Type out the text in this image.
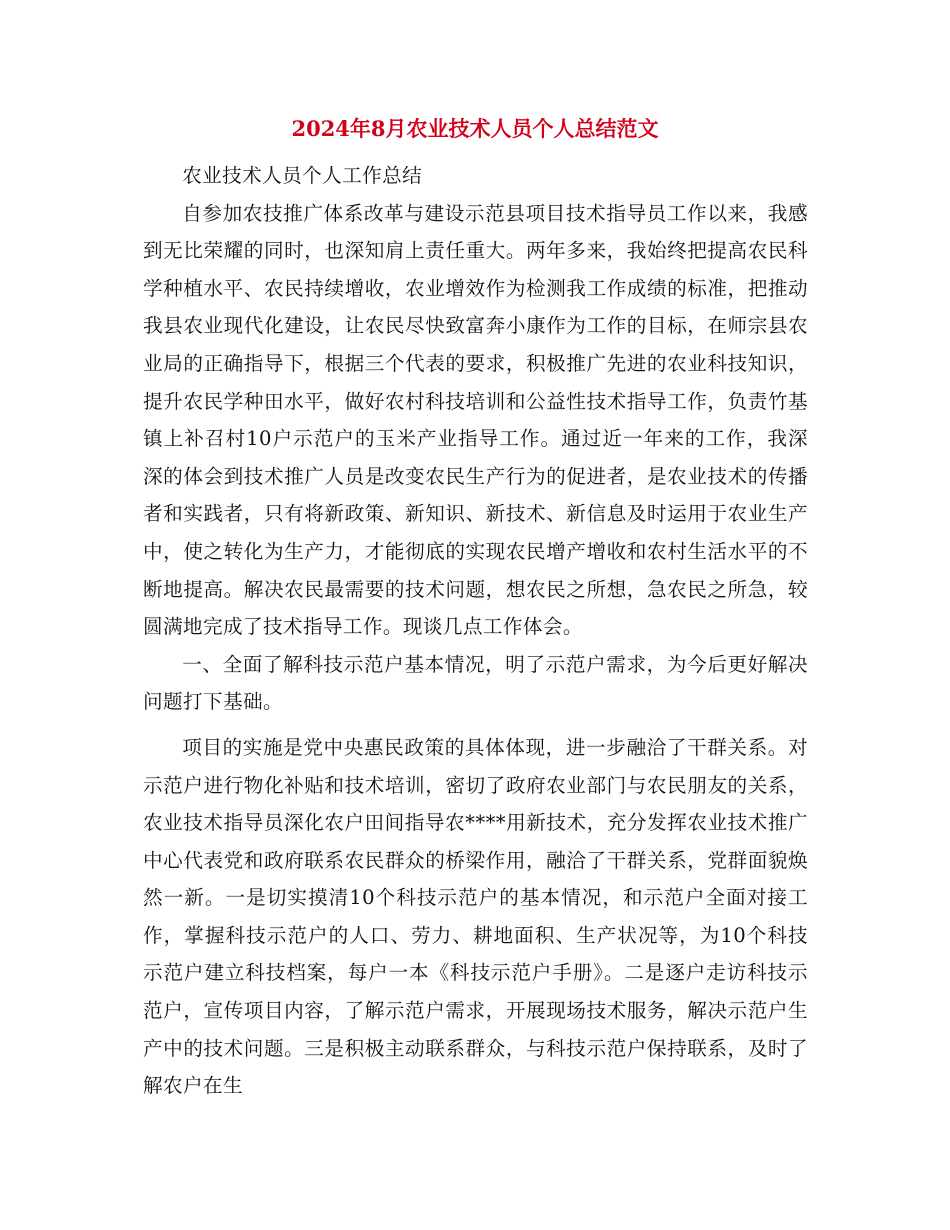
2024年8月农业技术人员个人总结范文

农业技术人员个人工作总结

自参加农技推广体系改革与建设示范县项目技术指导员工作以来，我感到无比荣耀的同时，也深知肩上责任重大。两年多来，我始终把提高农民科学种植水平、农民持续增收，农业增效作为检测我工作成绩的标准，把推动我县农业现代化建设，让农民尽快致富奔小康作为工作的目标，在师宗县农业局的正确指导下，根据三个代表的要求，积极推广先进的农业科技知识，提升农民学种田水平，做好农村科技培训和公益性技术指导工作，负责竹基镇上补召村10户示范户的玉米产业指导工作。通过近一年来的工作，我深深的体会到技术推广人员是改变农民生产行为的促进者，是农业技术的传播者和实践者，只有将新政策、新知识、新技术、新信息及时运用于农业生产中，使之转化为生产力，才能彻底的实现农民增产增收和农村生活水平的不断地提高。解决农民最需要的技术问题，想农民之所想，急农民之所急，较圆满地完成了技术指导工作。现谈几点工作体会。

一、全面了解科技示范户基本情况，明了示范户需求，为今后更好解决问题打下基础。

项目的实施是党中央惠民政策的具体体现，进一步融洽了干群关系。对示范户进行物化补贴和技术培训，密切了政府农业部门与农民朋友的关系，农业技术指导员深化农户田间指导农****用新技术，充分发挥农业技术推广中心代表党和政府联系农民群众的桥梁作用，融洽了干群关系，党群面貌焕然一新。一是切实摸清10个科技示范户的基本情况，和示范户全面对接工作，掌握科技示范户的人口、劳力、耕地面积、生产状况等，为10个科技示范户建立科技档案，每户一本《科技示范户手册》。二是逐户走访科技示范户，宣传项目内容，了解示范户需求，开展现场技术服务，解决示范户生产中的技术问题。三是积极主动联系群众，与科技示范户保持联系，及时了解农户在生
